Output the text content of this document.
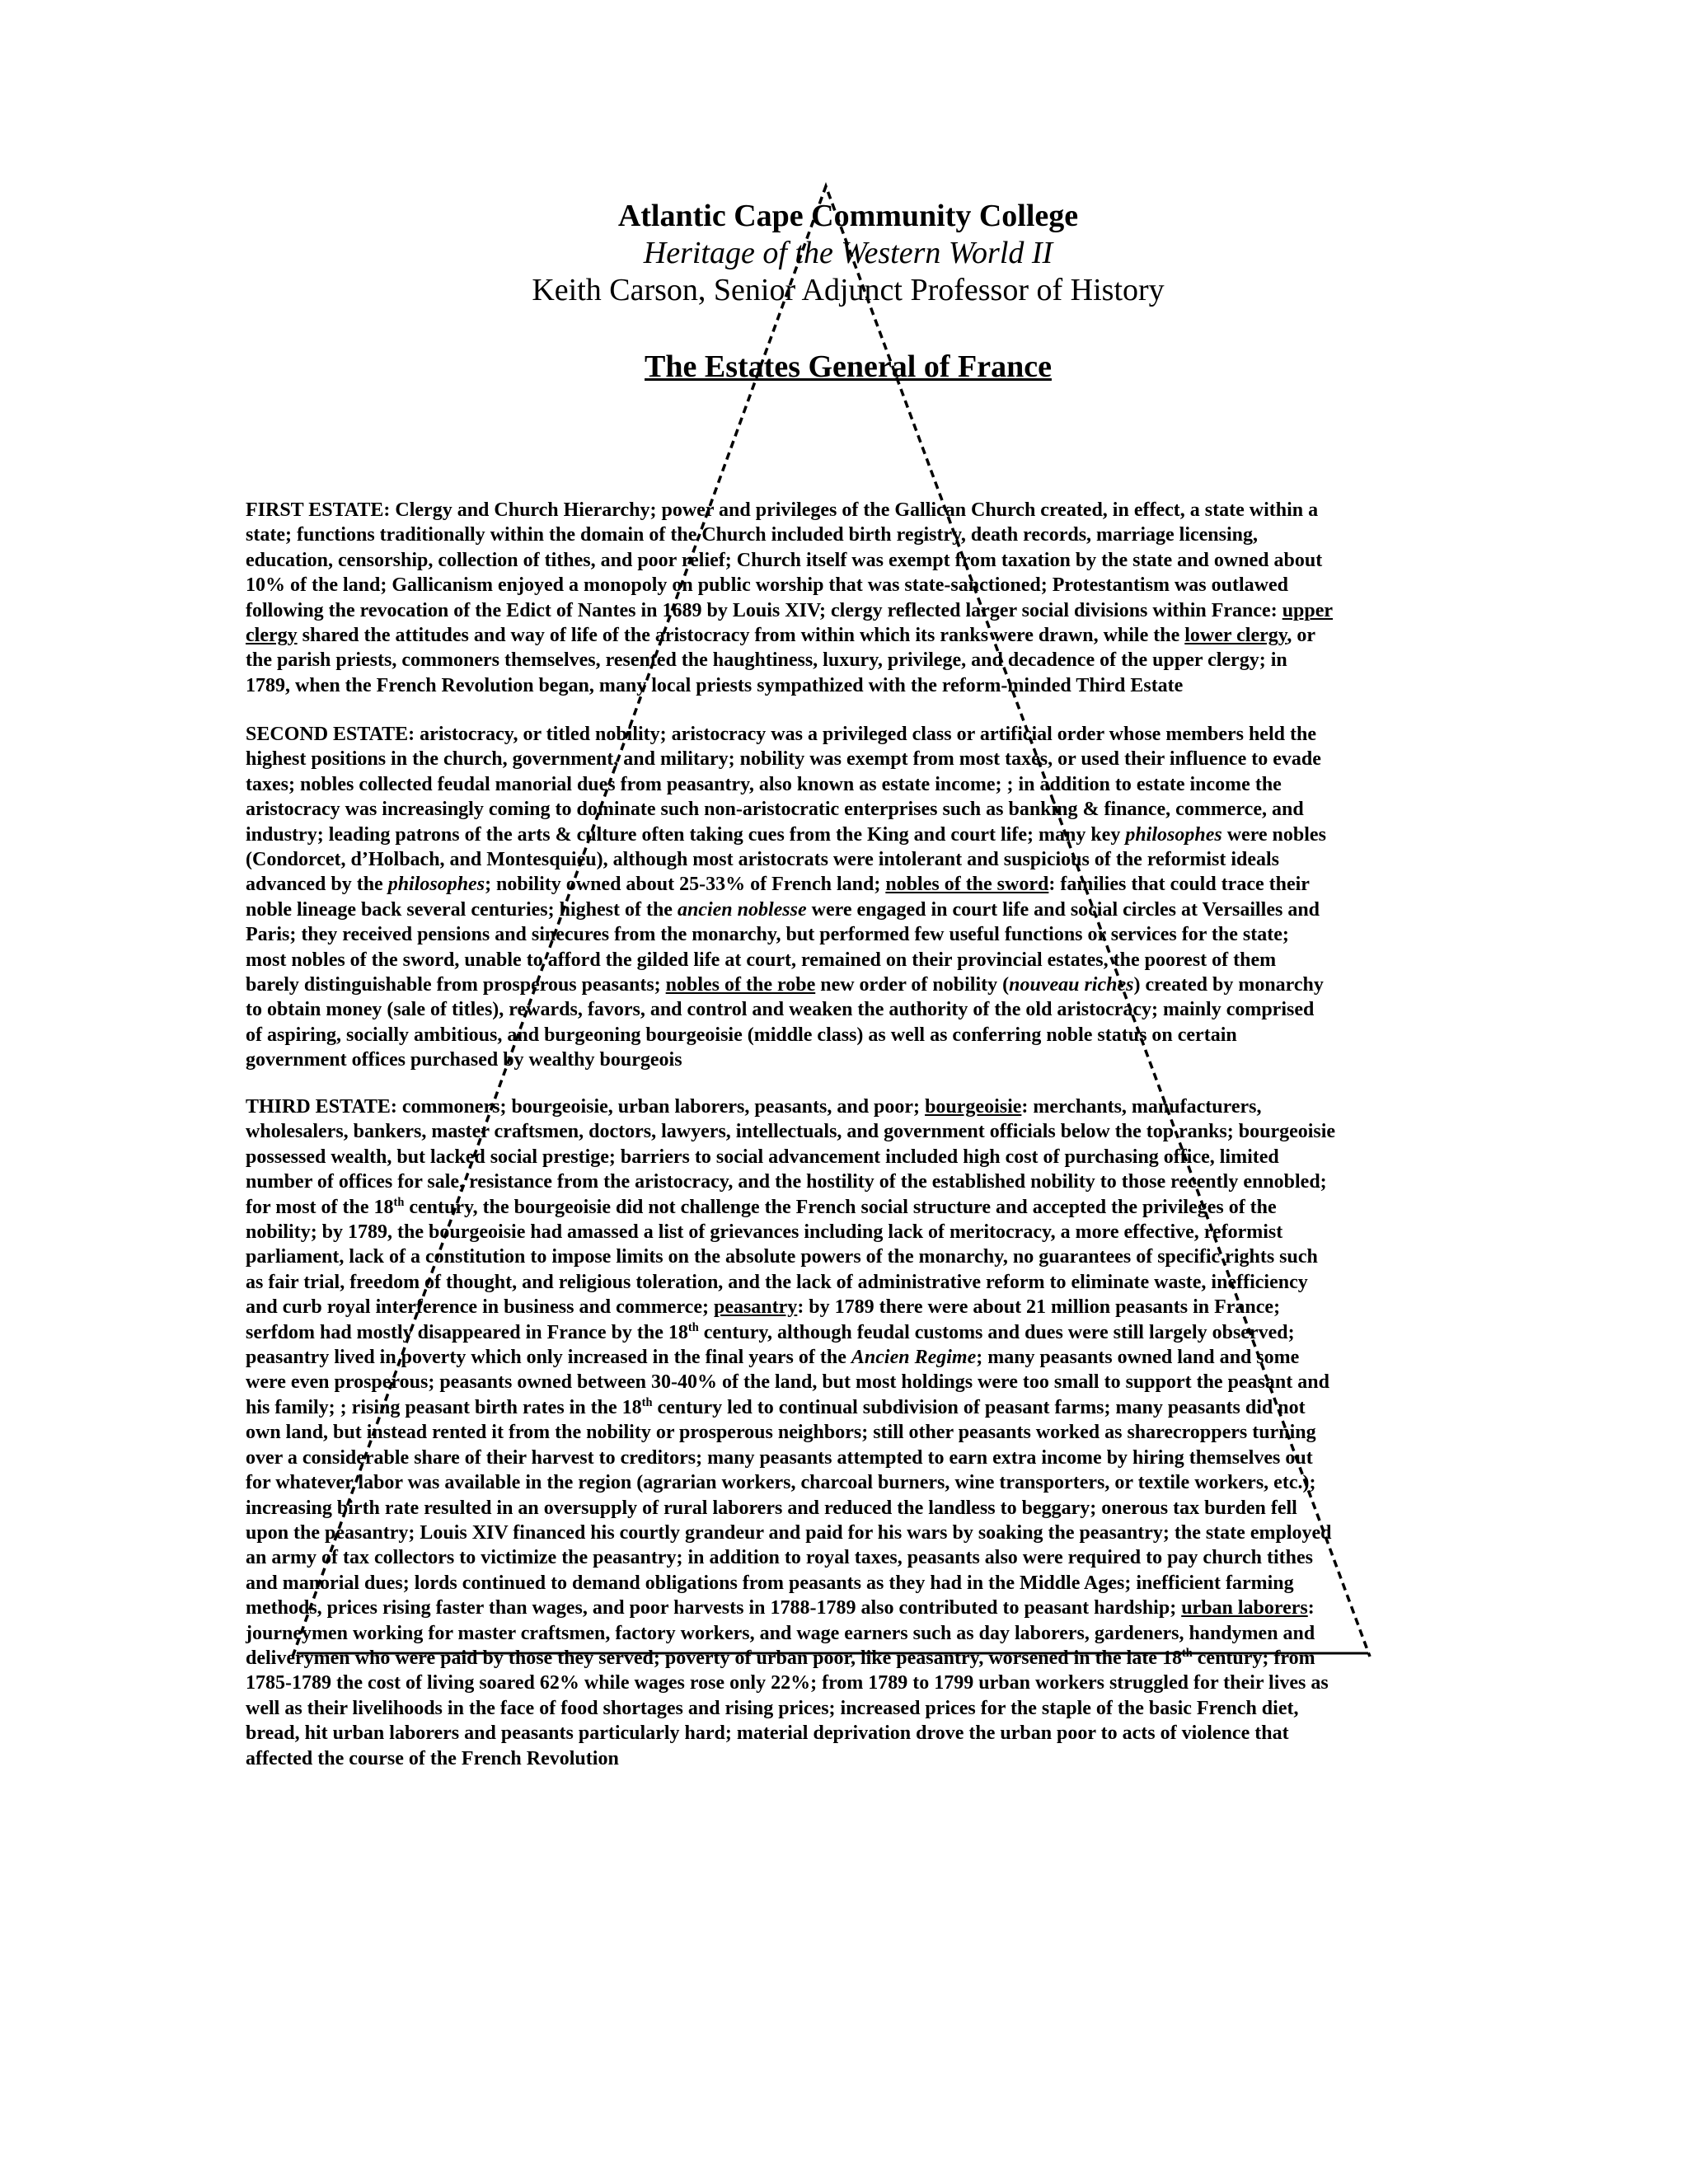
Atlantic Cape Community College
Heritage of the Western World II
Keith Carson, Senior Adjunct Professor of History
The Estates General of France
FIRST ESTATE: Clergy and Church Hierarchy; power and privileges of the Gallican Church created, in effect, a state within a
state; functions traditionally within the domain of the Church included birth registry, death records, marriage licensing,
education, censorship, collection of tithes, and poor relief; Church itself was exempt from taxation by the state and owned about
10% of the land; Gallicanism enjoyed a monopoly on public worship that was state-sanctioned; Protestantism was outlawed
following the revocation of the Edict of Nantes in 1689 by Louis XIV; clergy reflected larger social divisions within France: upper
clergy shared the attitudes and way of life of the aristocracy from within which its ranks were drawn, while the lower clergy, or
the parish priests, commoners themselves, resented the haughtiness, luxury, privilege, and decadence of the upper clergy; in
1789, when the French Revolution began, many local priests sympathized with the reform-minded Third Estate
SECOND ESTATE: aristocracy, or titled nobility; aristocracy was a privileged class or artificial order whose members held the
highest positions in the church, government, and military; nobility was exempt from most taxes, or used their influence to evade
taxes; nobles collected feudal manorial dues from peasantry, also known as estate income; ; in addition to estate income the
aristocracy was increasingly coming to dominate such non-aristocratic enterprises such as banking & finance, commerce, and
industry; leading patrons of the arts & culture often taking cues from the King and court life; many key philosophes were nobles
(Condorcet, d’Holbach, and Montesquieu), although most aristocrats were intolerant and suspicious of the reformist ideals
advanced by the philosophes; nobility owned about 25-33% of French land; nobles of the sword: families that could trace their
noble lineage back several centuries; highest of the ancien noblesse were engaged in court life and social circles at Versailles and
Paris; they received pensions and sinecures from the monarchy, but performed few useful functions or services for the state;
most nobles of the sword, unable to afford the gilded life at court, remained on their provincial estates, the poorest of them
barely distinguishable from prosperous peasants; nobles of the robe new order of nobility (nouveau riches) created by monarchy
to obtain money (sale of titles), rewards, favors, and control and weaken the authority of the old aristocracy; mainly comprised
of aspiring, socially ambitious, and burgeoning bourgeoisie (middle class) as well as conferring noble status on certain
government offices purchased by wealthy bourgeois
THIRD ESTATE: commoners; bourgeoisie, urban laborers, peasants, and poor; bourgeoisie: merchants, manufacturers,
wholesalers, bankers, master craftsmen, doctors, lawyers, intellectuals, and government officials below the top ranks; bourgeoisie
possessed wealth, but lacked social prestige; barriers to social advancement included high cost of purchasing office, limited
number of offices for sale, resistance from the aristocracy, and the hostility of the established nobility to those recently ennobled;
for most of the 18th century, the bourgeoisie did not challenge the French social structure and accepted the privileges of the
nobility; by 1789, the bourgeoisie had amassed a list of grievances including lack of meritocracy, a more effective, reformist
parliament, lack of a constitution to impose limits on the absolute powers of the monarchy, no guarantees of specific rights such
as fair trial, freedom of thought, and religious toleration, and the lack of administrative reform to eliminate waste, inefficiency
and curb royal interference in business and commerce; peasantry: by 1789 there were about 21 million peasants in France;
serfdom had mostly disappeared in France by the 18th century, although feudal customs and dues were still largely observed;
peasantry lived in poverty which only increased in the final years of the Ancien Regime; many peasants owned land and some
were even prosperous; peasants owned between 30-40% of the land, but most holdings were too small to support the peasant and
his family; ; rising peasant birth rates in the 18th century led to continual subdivision of peasant farms; many peasants did not
own land, but instead rented it from the nobility or prosperous neighbors; still other peasants worked as sharecroppers turning
over a considerable share of their harvest to creditors; many peasants attempted to earn extra income by hiring themselves out
for whatever labor was available in the region (agrarian workers, charcoal burners, wine transporters, or textile workers, etc.);
increasing birth rate resulted in an oversupply of rural laborers and reduced the landless to beggary; onerous tax burden fell
upon the peasantry; Louis XIV financed his courtly grandeur and paid for his wars by soaking the peasantry; the state employed
an army of tax collectors to victimize the peasantry; in addition to royal taxes, peasants also were required to pay church tithes
and manorial dues; lords continued to demand obligations from peasants as they had in the Middle Ages; inefficient farming
methods, prices rising faster than wages, and poor harvests in 1788-1789 also contributed to peasant hardship; urban laborers:
journeymen working for master craftsmen, factory workers, and wage earners such as day laborers, gardeners, handymen and
deliverymen who were paid by those they served; poverty of urban poor, like peasantry, worsened in the late 18th century; from
1785-1789 the cost of living soared 62% while wages rose only 22%; from 1789 to 1799 urban workers struggled for their lives as
well as their livelihoods in the face of food shortages and rising prices; increased prices for the staple of the basic French diet,
bread, hit urban laborers and peasants particularly hard; material deprivation drove the urban poor to acts of violence that
affected the course of the French Revolution
